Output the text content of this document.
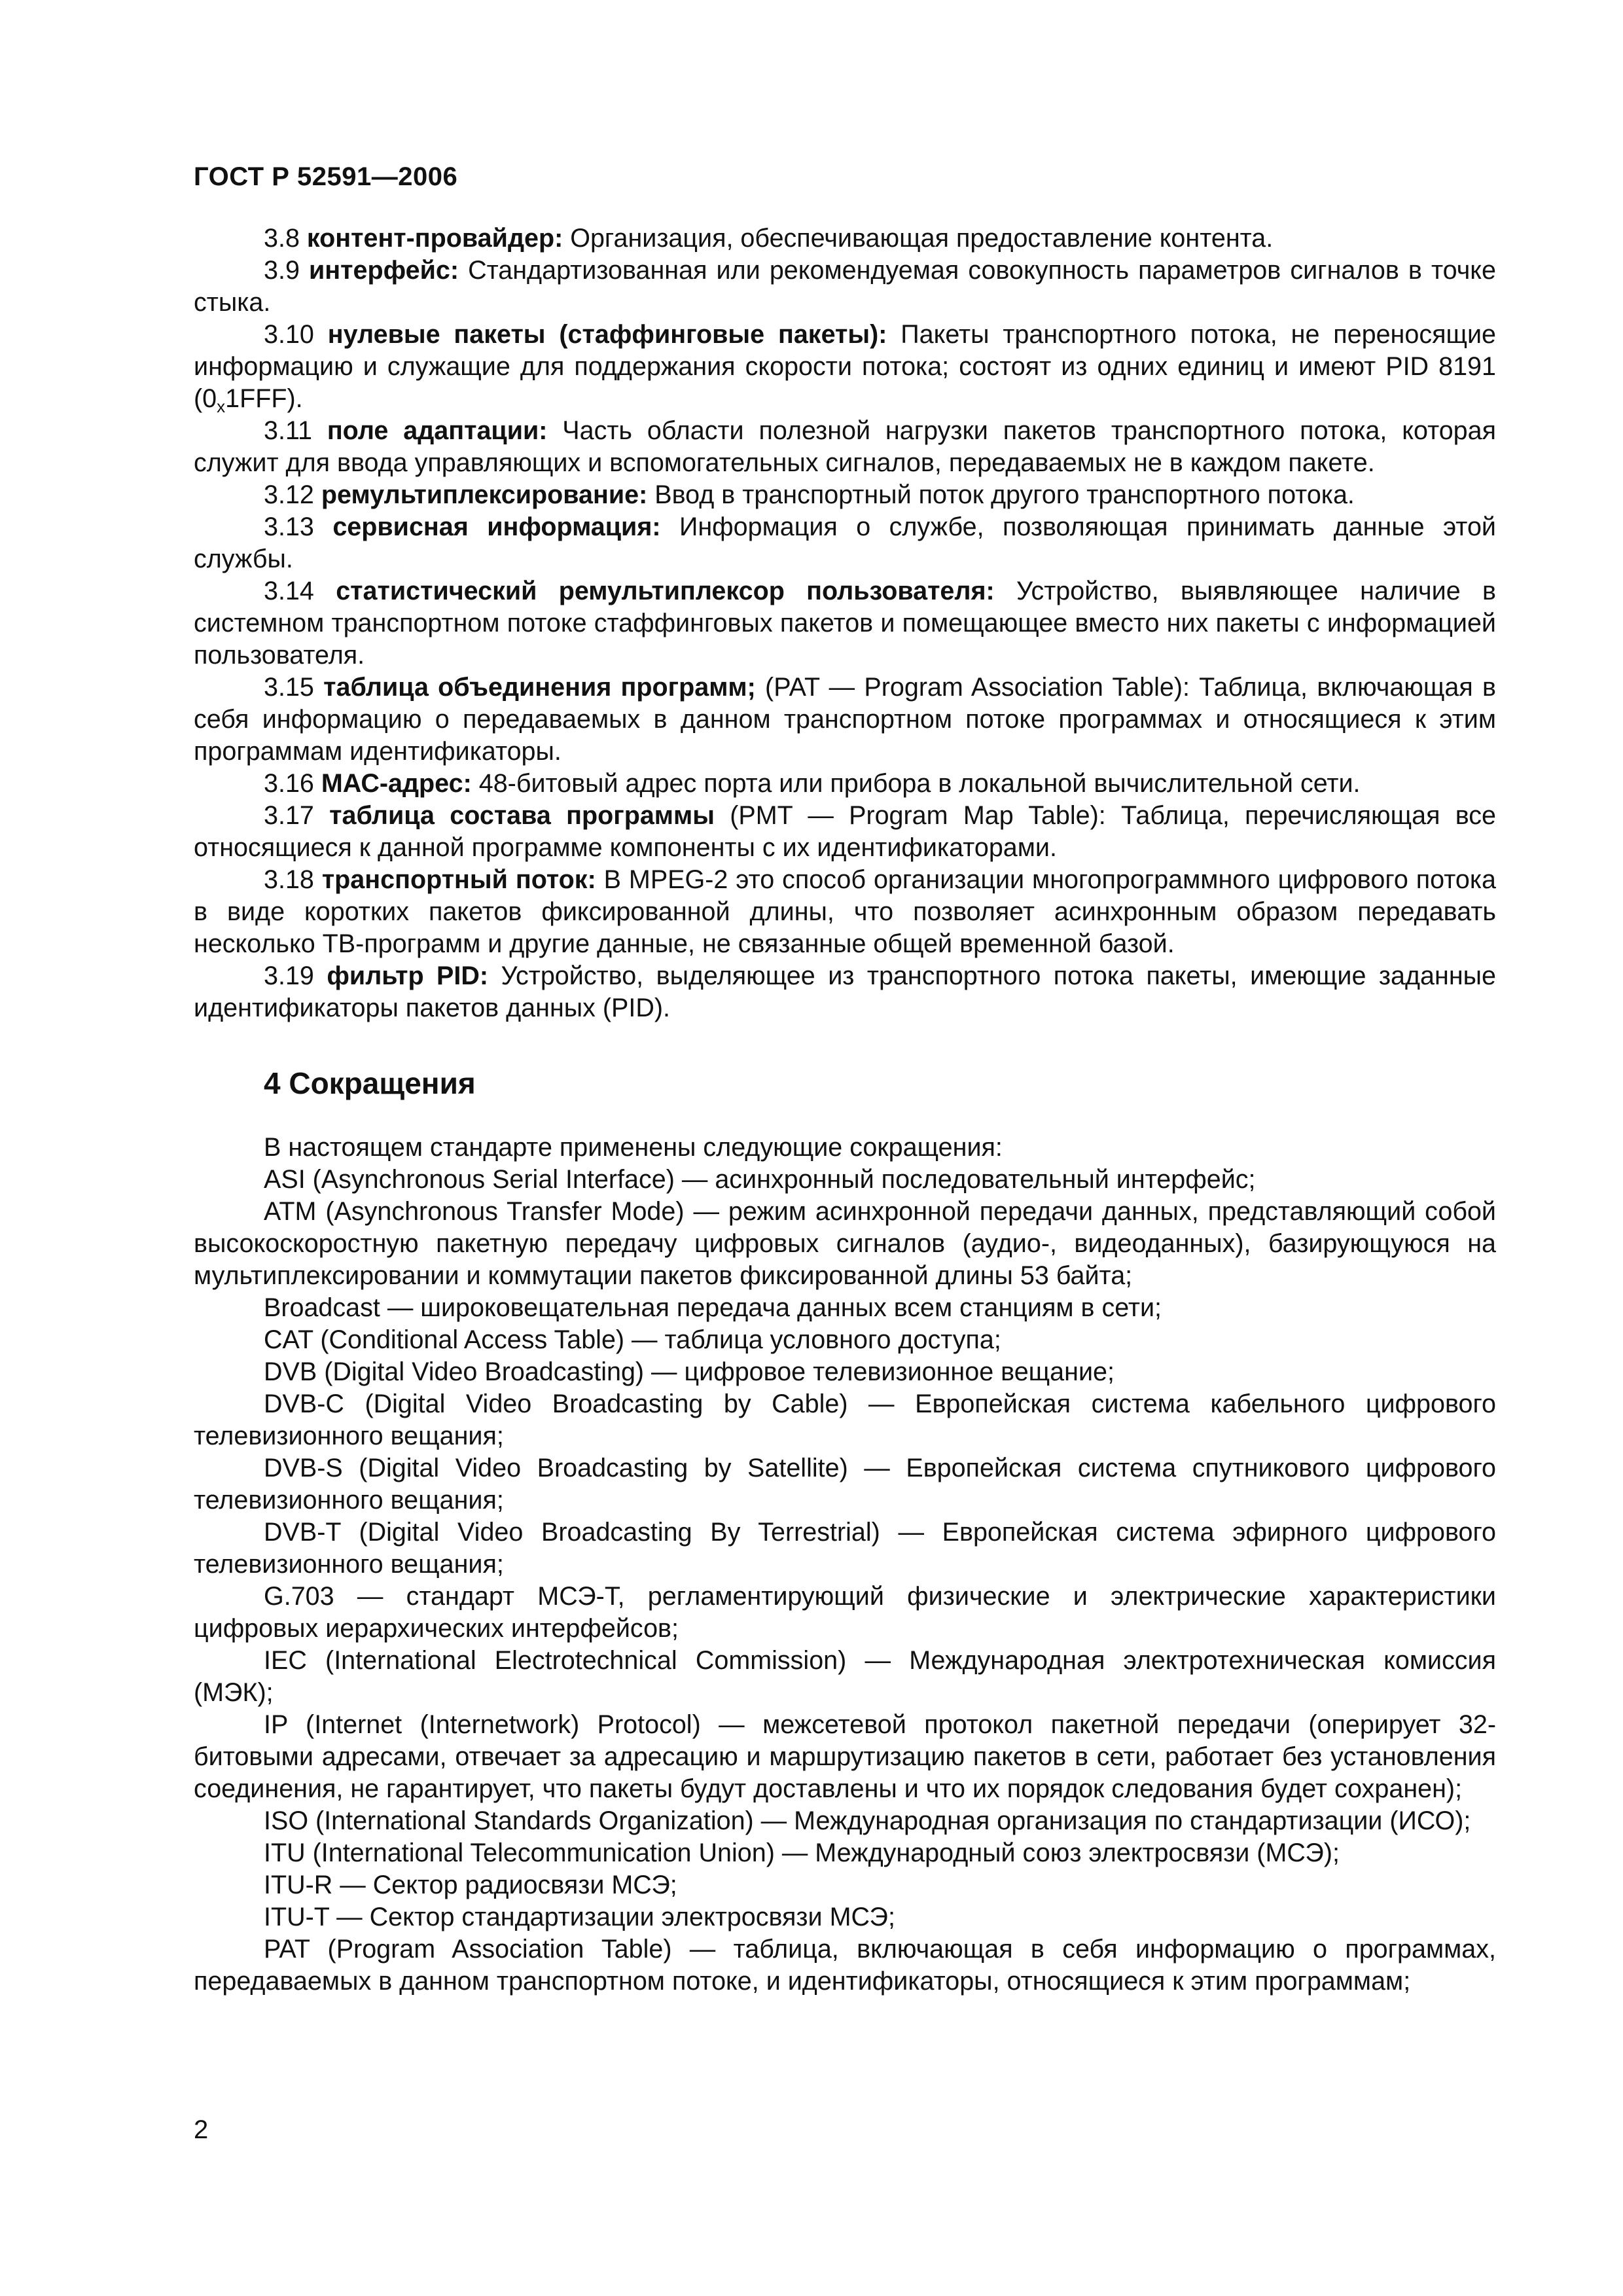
ГОСТ Р 52591—2006

3.8 контент-провайдер: Организация, обеспечивающая предоставление контента.

3.9 интерфейс: Стандартизованная или рекомендуемая совокупность параметров сигналов в точке стыка.

3.10 нулевые пакеты (стаффинговые пакеты): Пакеты транспортного потока, не переносящие информацию и служащие для поддержания скорости потока; состоят из одних единиц и имеют PID 8191 $(0_x1FFF)$.

3.11 поле адаптации: Часть области полезной нагрузки пакетов транспортного потока, которая служит для ввода управляющих и вспомогательных сигналов, передаваемых не в каждом пакете.

3.12 ремультиплексирование: Ввод в транспортный поток другого транспортного потока.

3.13 сервисная информация: Информация о службе, позволяющая принимать данные этой службы.

3.14 статистический ремультиплексор пользователя: Устройство, выявляющее наличие в системном транспортном потоке стаффинговых пакетов и помещающее вместо них пакеты с информацией пользователя.

3.15 таблица объединения программ; (PAT — Program Association Table): Таблица, включающая в себя информацию о передаваемых в данном транспортном потоке программах и относящиеся к этим программам идентификаторы.

3.16 МАС-адрес: 48-битовый адрес порта или прибора в локальной вычислительной сети.

3.17 таблица состава программы (PMT — Program Map Table): Таблица, перечисляющая все относящиеся к данной программе компоненты с их идентификаторами.

3.18 транспортный поток: В MPEG-2 это способ организации многопрограммного цифрового потока в виде коротких пакетов фиксированной длины, что позволяет асинхронным образом передавать несколько ТВ-программ и другие данные, не связанные общей временной базой.

3.19 фильтр PID: Устройство, выделяющее из транспортного потока пакеты, имеющие заданные идентификаторы пакетов данных (PID).

4 Сокращения

В настоящем стандарте применены следующие сокращения:

ASI (Asynchronous Serial Interface) — асинхронный последовательный интерфейс;

ATM (Asynchronous Transfer Mode) — режим асинхронной передачи данных, представляющий собой высокоскоростную пакетную передачу цифровых сигналов (аудио-, видеоданных), базирующуюся на мультиплексировании и коммутации пакетов фиксированной длины 53 байта;

Broadcast — широковещательная передача данных всем станциям в сети;

CAT (Conditional Access Table) — таблица условного доступа;

DVB (Digital Video Broadcasting) — цифровое телевизионное вещание;

DVB-C (Digital Video Broadcasting by Cable) — Европейская система кабельного цифрового телевизионного вещания;

DVB-S (Digital Video Broadcasting by Satellite) — Европейская система спутникового цифрового телевизионного вещания;

DVB-T (Digital Video Broadcasting By Terrestrial) — Европейская система эфирного цифрового телевизионного вещания;

G.703 — стандарт МСЭ-Т, регламентирующий физические и электрические характеристики цифровых иерархических интерфейсов;

IEC (International Electrotechnical Commission) — Международная электротехническая комиссия (МЭК);

IP (Internet (Internetwork) Protocol) — межсетевой протокол пакетной передачи (оперирует 32-битовыми адресами, отвечает за адресацию и маршрутизацию пакетов в сети, работает без установления соединения, не гарантирует, что пакеты будут доставлены и что их порядок следования будет сохранен);

ISO (International Standards Organization) — Международная организация по стандартизации (ИСО);

ITU (International Telecommunication Union) — Международный союз электросвязи (МСЭ);

ITU-R — Сектор радиосвязи МСЭ;

ITU-T — Сектор стандартизации электросвязи МСЭ;

PAT (Program Association Table) — таблица, включающая в себя информацию о программах, передаваемых в данном транспортном потоке, и идентификаторы, относящиеся к этим программам;

2
